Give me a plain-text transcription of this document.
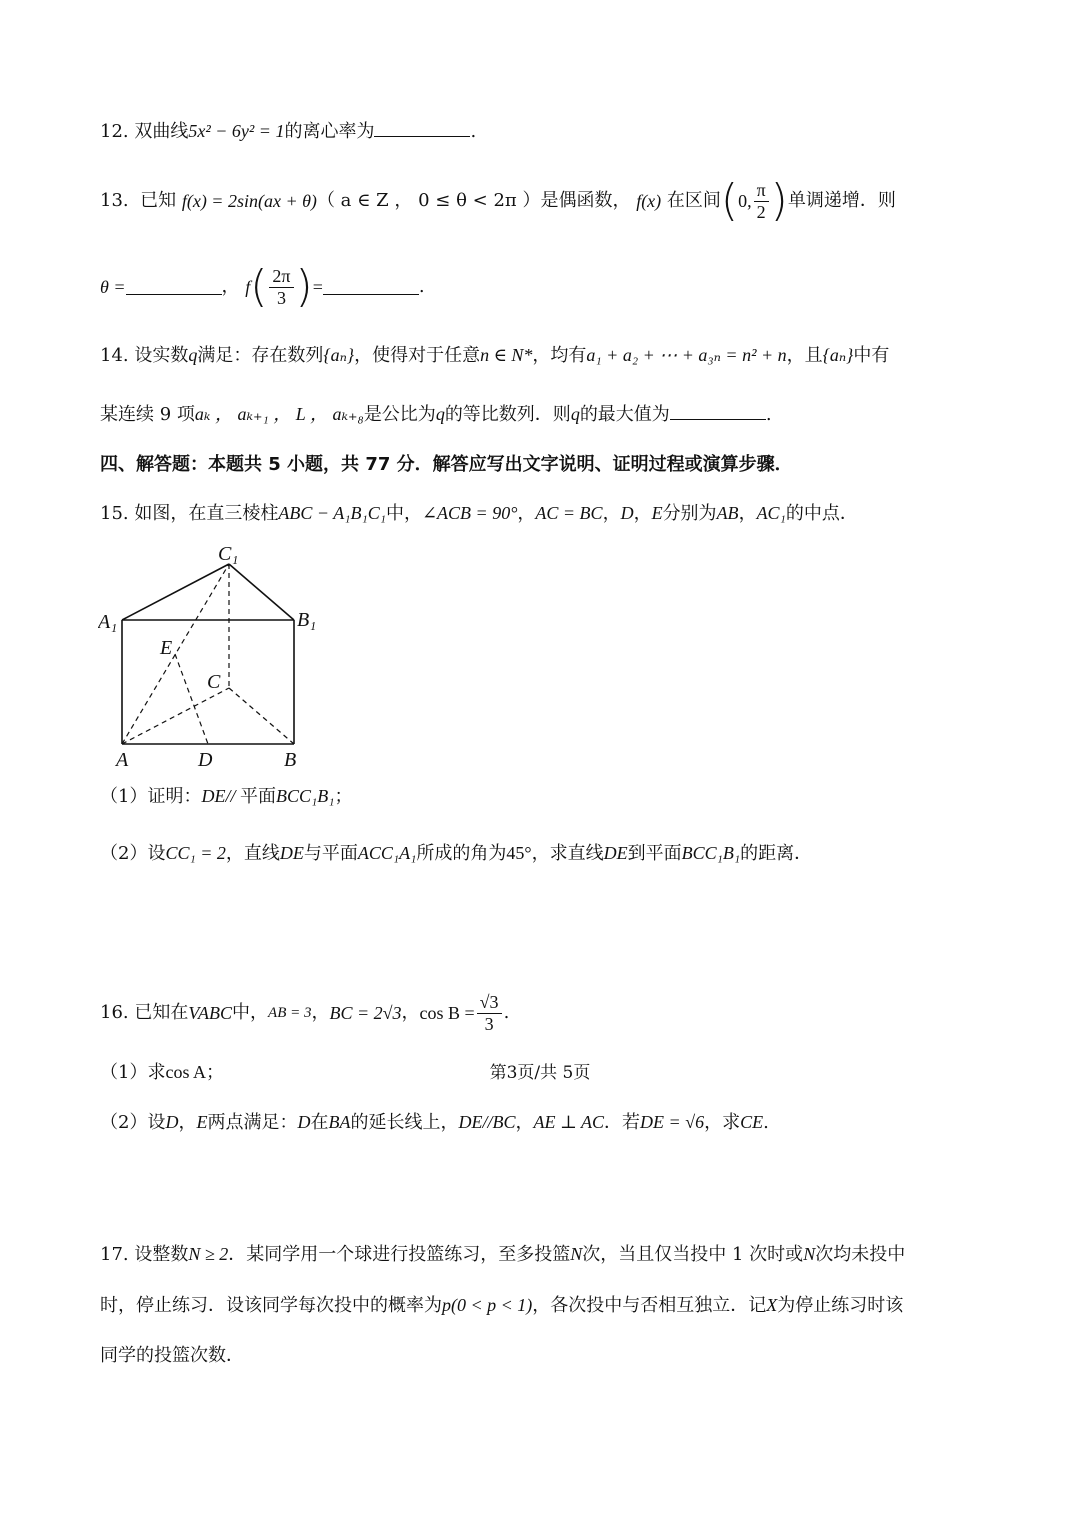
12. 双曲线5x² − 6y² = 1的离心率为	.
13.
已知
f(x) = 2sin(ax + θ) （ a ∈ Z ， 0 ≤ θ < 2π ） 是偶函数，
f(x)
在区间 ( 0, $\frac{\pi}{2}$ ) 单调递增．则
θ =	，
f ( $\frac{2\pi}{3}$ ) =	.
14. 设实数q满足：存在数列{aₙ}，使得对于任意n ∈ N*，均有a₁ + a₂ + ⋯ + a₃ₙ = n² + n，且{aₙ}中有
某连续 9 项aₖ ， aₖ₊₁ ， L ， aₖ₊₈是公比为q的等比数列．则q的最大值为	.
四、解答题：本题共 5 小题，共 77 分．解答应写出文字说明、证明过程或演算步骤．
15. 如图，在直三棱柱ABC − A₁B₁C₁中，∠ACB = 90°，AC = BC，D，E分别为AB，AC₁的中点．
C₁
A₁	B₁
E
C
A	D	B
（1）证明：DE// 平面BCC₁B₁；
（2）设CC₁ = 2，直线DE与平面ACC₁A₁所成的角为45°，求直线DE到平面BCC₁B₁的距离．
16.
已知在 VABC 中， AB = 3 ， BC = 2√3 ， $\cos B = \frac{√3}{3}$ .
（1）求cos A；
（2）设D，E两点满足：D在BA的延长线上，DE//BC，AE ⊥ AC．若DE = √6，求CE.
17. 设整数N ≥ 2．某同学用一个球进行投篮练习，至多投篮N次，当且仅当投中 1 次时或N次均未投中
时，停止练习．设该同学每次投中的概率为p(0 < p < 1)，各次投中与否相互独立．记X为停止练习时该
同学的投篮次数．
第3页/共 5页
